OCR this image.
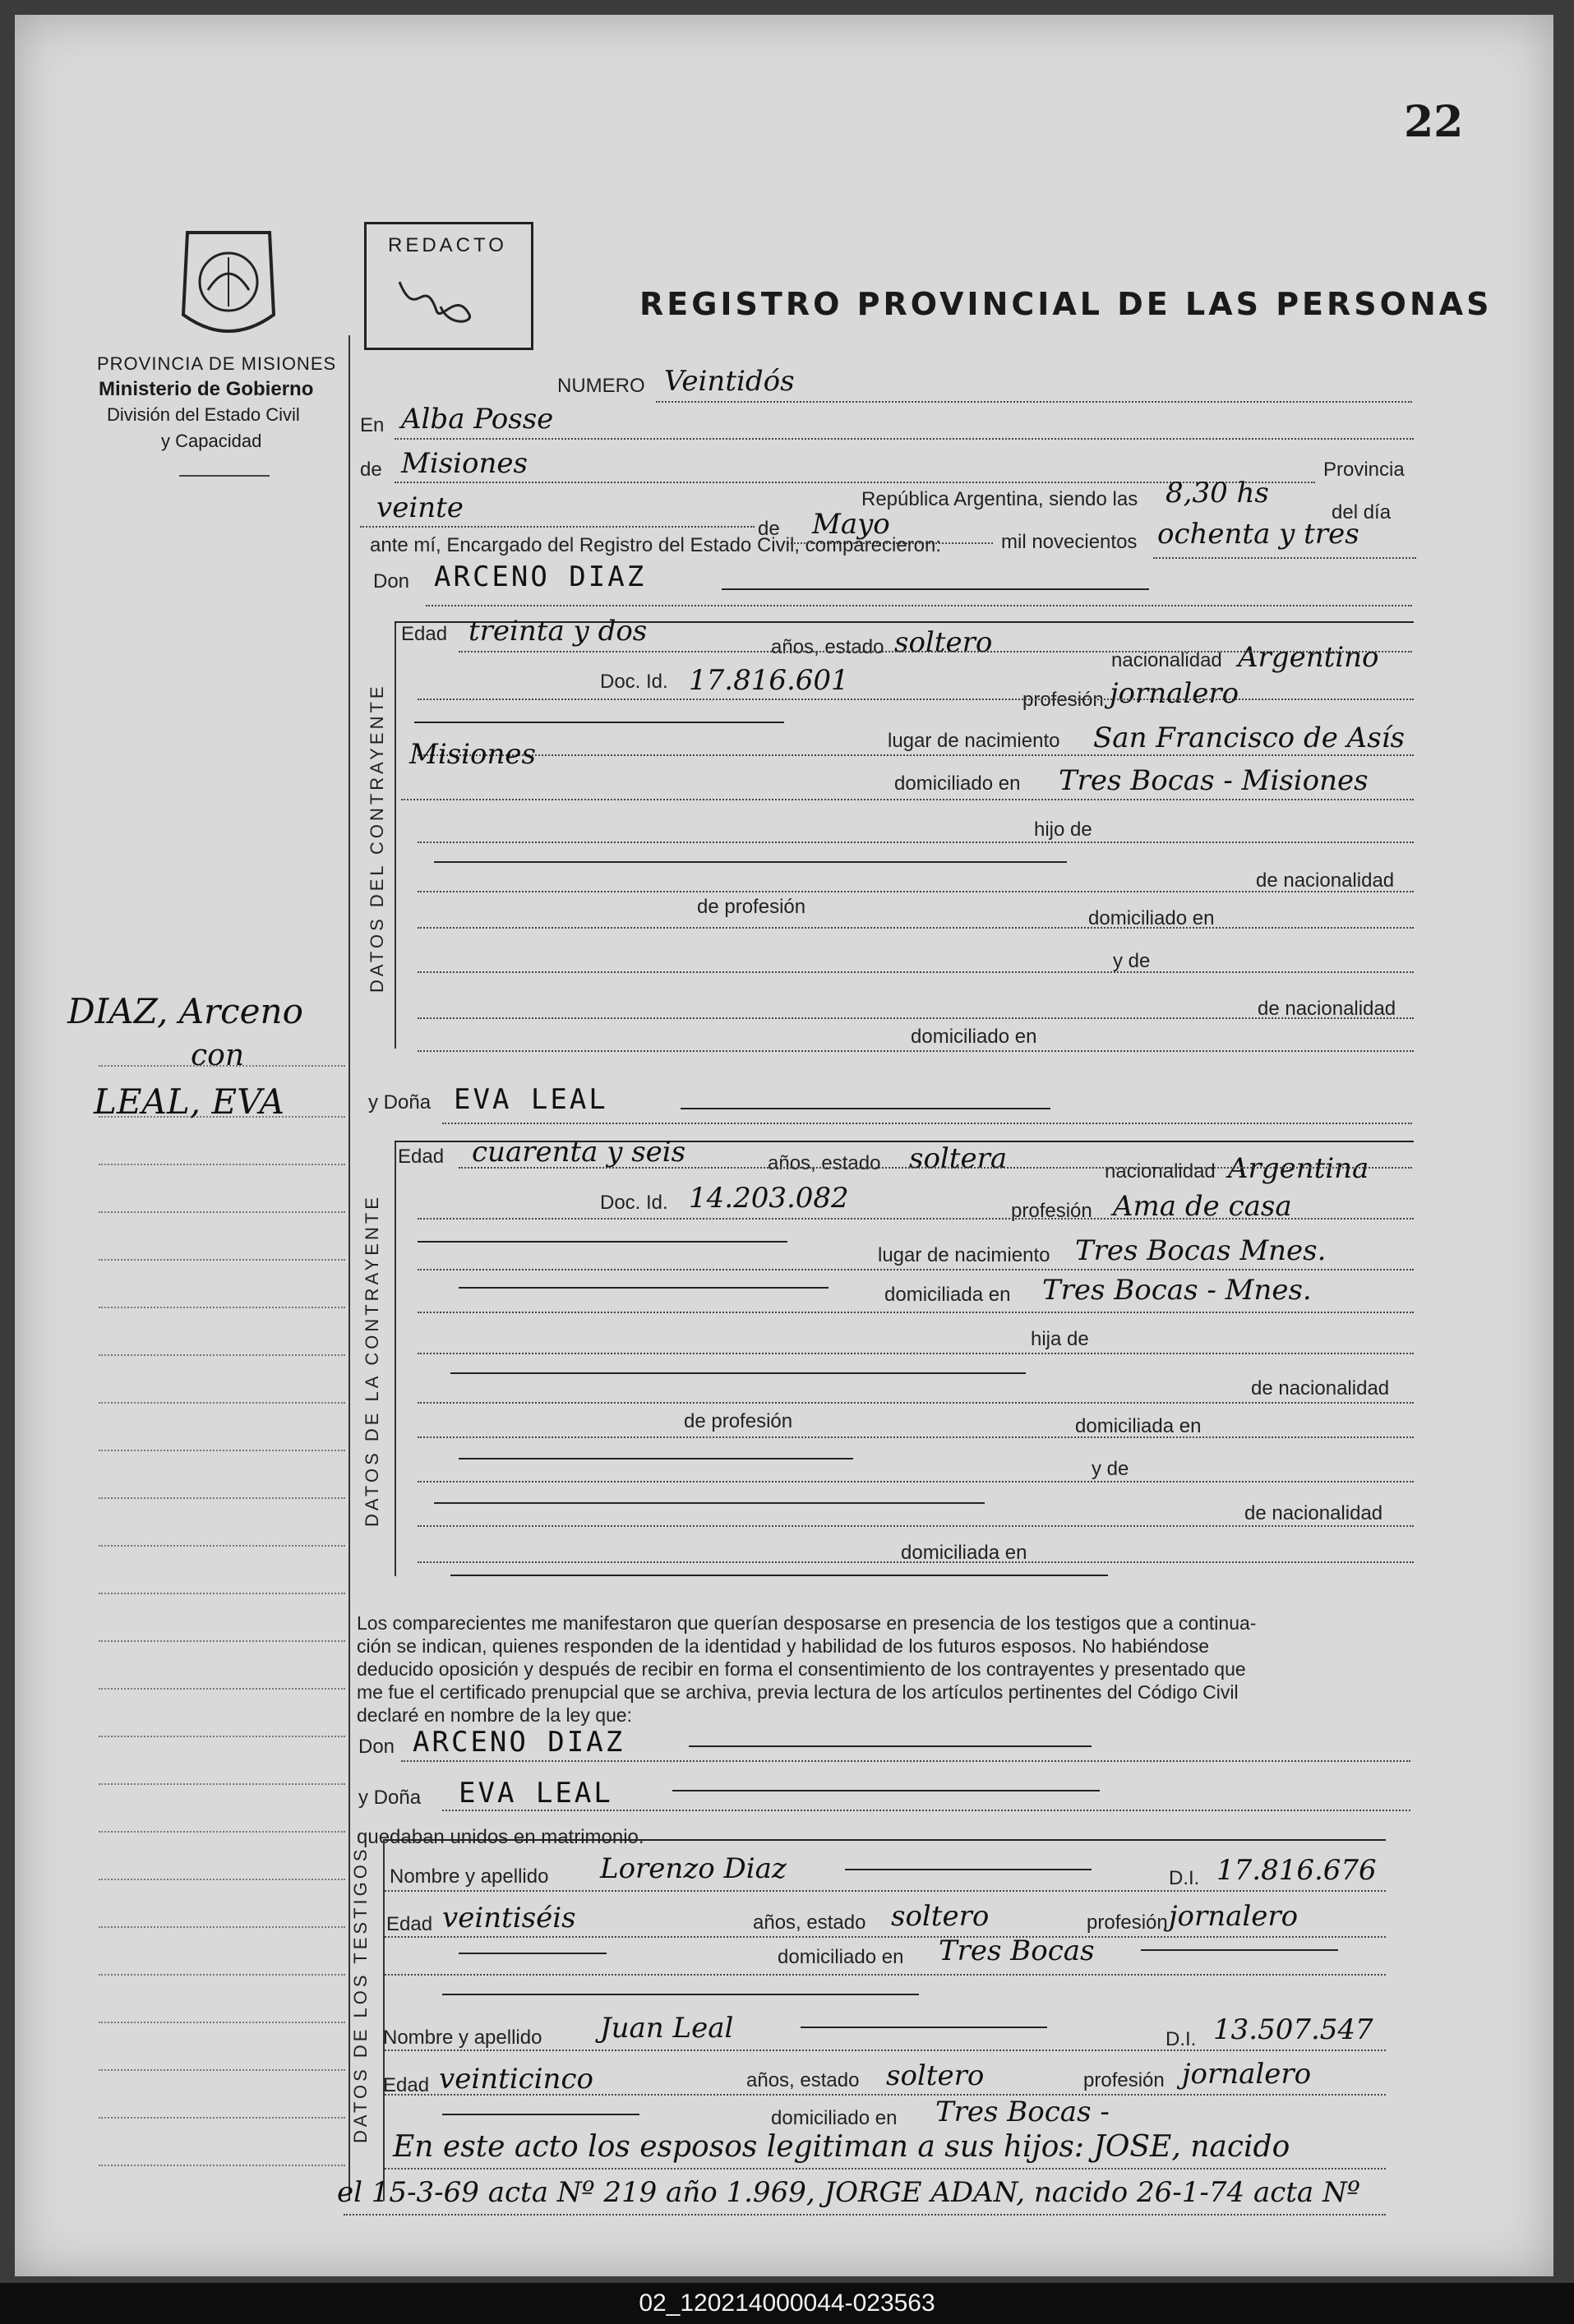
22
REDACTO
REGISTRO PROVINCIAL DE LAS PERSONAS
PROVINCIA DE MISIONES
Ministerio de Gobierno
División del Estado Civil
y Capacidad
DIAZ, Arceno
con
LEAL, EVA
NUMERO Veintidós
En Alba Posse
de Misiones	Provincia
República Argentina, siendo las 8,30 hs
del día
veinte
de Mayo
mil novecientos ochenta y tres
ante mí, Encargado del Registro del Estado Civil, comparecieron:
Don ARCENO DIAZ
DATOS DEL CONTRAYENTE
Edad treinta y dos	años, estado soltero
nacionalidad Argentino
Doc. Id. 17.816.601
profesión jornalero
lugar de nacimiento San Francisco de Asís
Misiones
domiciliado en Tres Bocas - Misiones
hijo de
de nacionalidad
de profesión
domiciliado en
y de
de nacionalidad
domiciliado en
y Doña EVA LEAL
DATOS DE LA CONTRAYENTE
Edad cuarenta y seis	años, estado soltera	nacionalidad Argentina
Doc. Id. 14.203.082	profesión Ama de casa
lugar de nacimiento Tres Bocas Mnes.
domiciliada en Tres Bocas - Mnes.
hija de
de nacionalidad
de profesión	domiciliada en
y de
de nacionalidad
domiciliada en
Los comparecientes me manifestaron que querían desposarse en presencia de los testigos que a continua-
ción se indican, quienes responden de la identidad y habilidad de los futuros esposos. No habiéndose
deducido oposición y después de recibir en forma el consentimiento de los contrayentes y presentado que
me fue el certificado prenupcial que se archiva, previa lectura de los artículos pertinentes del Código Civil
declaré en nombre de la ley que:
Don ARCENO DIAZ
y Doña EVA LEAL
quedaban unidos en matrimonio.
DATOS DE LOS TESTIGOS Nombre y apellido Lorenzo Diaz	D.I. 17.816.676
Edad veintiséis	años, estado soltero	profesión jornalero
domiciliado en Tres Bocas
Nombre y apellido Juan Leal	D.I. 13.507.547
Edad veinticinco	años, estado soltero	profesión jornalero
domiciliado en Tres Bocas -
En este acto los esposos legitiman a sus hijos: JOSE, nacido
el 15-3-69 acta Nº 219 año 1.969, JORGE ADAN, nacido 26-1-74 acta Nº
02_120214000044-023563
